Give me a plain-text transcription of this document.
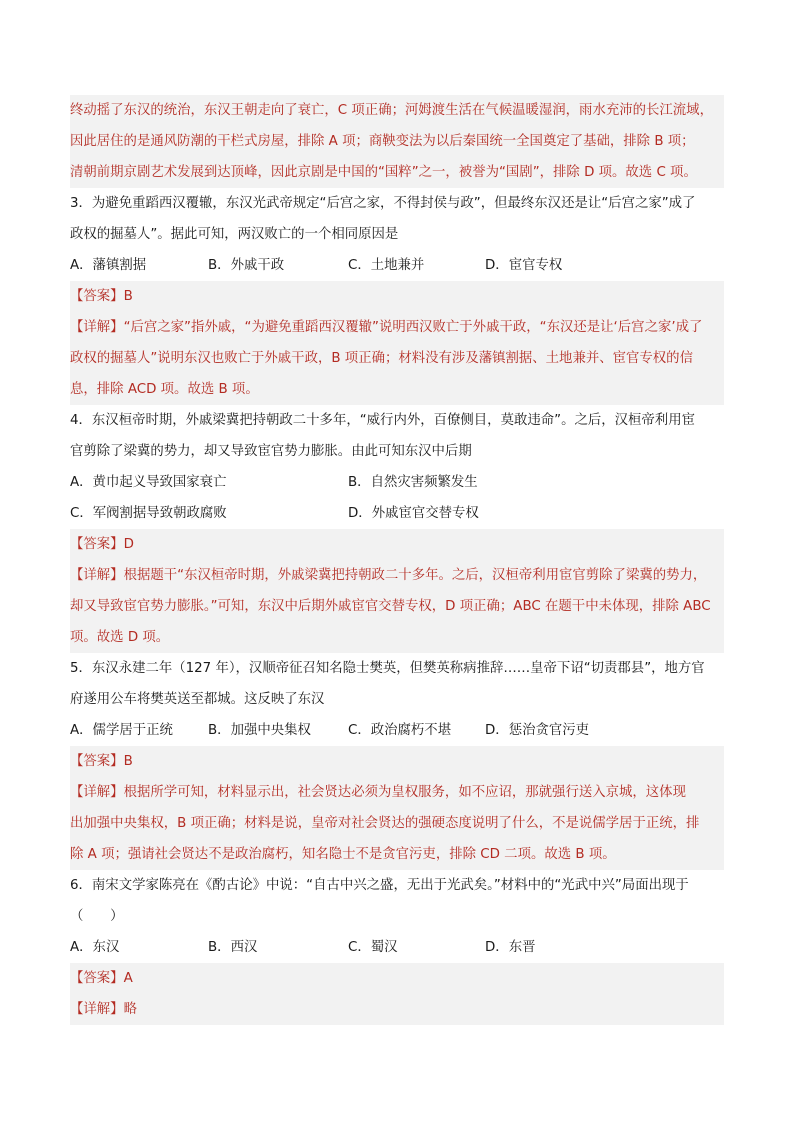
终动摇了东汉的统治，东汉王朝走向了衰亡，C 项正确；河姆渡生活在气候温暖湿润，雨水充沛的长江流域，
因此居住的是通风防潮的干栏式房屋，排除 A 项；商鞅变法为以后秦国统一全国奠定了基础，排除 B 项；
清朝前期京剧艺术发展到达顶峰，因此京剧是中国的“国粹”之一，被誉为“国剧”，排除 D 项。故选 C 项。
3．为避免重蹈西汉覆辙，东汉光武帝规定“后宫之家，不得封侯与政”，但最终东汉还是让“后宫之家”成了
政权的掘墓人”。据此可知，两汉败亡的一个相同原因是
A．藩镇割据	B．外戚干政	C．土地兼并	D．宦官专权
【答案】B
【详解】“后宫之家”指外戚，“为避免重蹈西汉覆辙”说明西汉败亡于外戚干政，“东汉还是让‘后宫之家’成了
政权的掘墓人”说明东汉也败亡于外戚干政，B 项正确；材料没有涉及藩镇割据、土地兼并、宦官专权的信
息，排除 ACD 项。故选 B 项。
4．东汉桓帝时期，外戚梁冀把持朝政二十多年，“威行内外，百僚侧目，莫敢违命”。之后，汉桓帝利用宦
官剪除了梁冀的势力，却又导致宦官势力膨胀。由此可知东汉中后期
A．黄巾起义导致国家衰亡	B．自然灾害频繁发生
C．军阀割据导致朝政腐败	D．外戚宦官交替专权
【答案】D
【详解】根据题干“东汉桓帝时期，外戚梁冀把持朝政二十多年。之后，汉桓帝利用宦官剪除了梁冀的势力，
却又导致宦官势力膨胀。”可知，东汉中后期外戚宦官交替专权，D 项正确；ABC 在题干中未体现，排除 ABC
项。故选 D 项。
5．东汉永建二年（127 年），汉顺帝征召知名隐士樊英，但樊英称病推辞……皇帝下诏“切责郡县”，地方官
府遂用公车将樊英送至都城。这反映了东汉
A．儒学居于正统	B．加强中央集权	C．政治腐朽不堪	D．惩治贪官污吏
【答案】B
【详解】根据所学可知，材料显示出，社会贤达必须为皇权服务，如不应诏，那就强行送入京城，这体现
出加强中央集权，B 项正确；材料是说，皇帝对社会贤达的强硬态度说明了什么，不是说儒学居于正统，排
除 A 项；强请社会贤达不是政治腐朽，知名隐士不是贪官污吏，排除 CD 二项。故选 B 项。
6．南宋文学家陈亮在《酌古论》中说：“自古中兴之盛，无出于光武矣。”材料中的“光武中兴”局面出现于
（　　）
A．东汉	B．西汉	C．蜀汉	D．东晋
【答案】A
【详解】略
